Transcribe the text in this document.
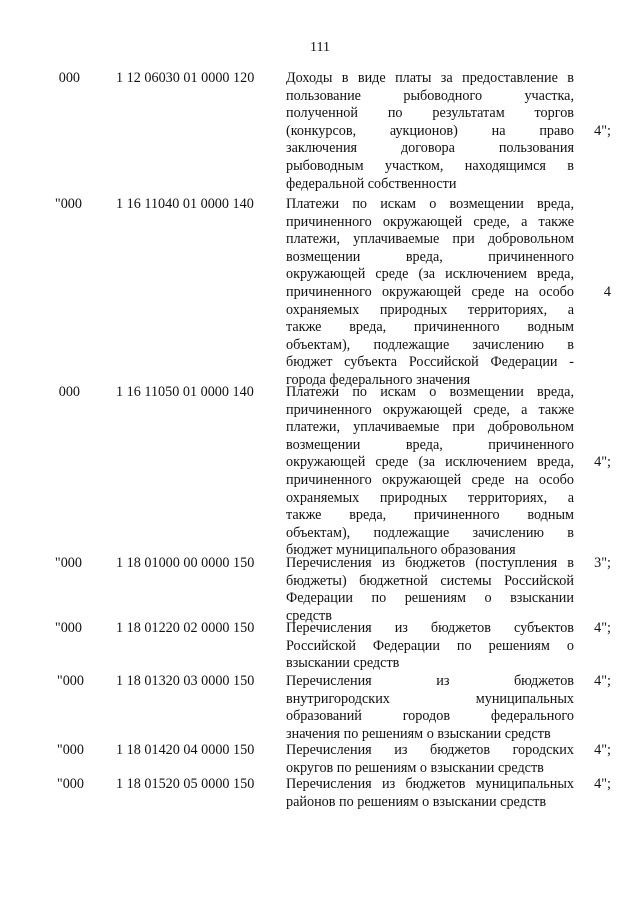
111
000	1 12 06030 01 0000 120 Доходы в виде платы за предоставление в
пользование рыбоводного участка,
полученной по результатам торгов
(конкурсов, аукционов) на право
заключения договора пользования
рыбоводным участком, находящимся в
федеральной собственности
4";
"000 1 16 11040 01 0000 140 Платежи по искам о возмещении вреда,
причиненного окружающей среде, а также
платежи, уплачиваемые при добровольном
возмещении вреда, причиненного
окружающей среде (за исключением вреда,
причиненного окружающей среде на особо
охраняемых природных территориях, а
также вреда, причиненного водным
объектам), подлежащие зачислению в
бюджет субъекта Российской Федерации -
города федерального значения
4
000	1 16 11050 01 0000 140 Платежи по искам о возмещении вреда,
причиненного окружающей среде, а также
платежи, уплачиваемые при добровольном
возмещении вреда, причиненного
окружающей среде (за исключением вреда,
причиненного окружающей среде на особо
охраняемых природных территориях, а
также вреда, причиненного водным
объектам), подлежащие зачислению в
бюджет муниципального образования
4";
"000 1 18 01000 00 0000 150 Перечисления из бюджетов (поступления в
бюджеты) бюджетной системы Российской
Федерации по решениям о взыскании
средств
3";
"000 1 18 01220 02 0000 150 Перечисления из бюджетов субъектов
Российской Федерации по решениям о
взыскании средств
4";
"000 1 18 01320 03 0000 150 Перечисления из бюджетов
внутригородских муниципальных
образований городов федерального
значения по решениям о взыскании средств
4";
"000 1 18 01420 04 0000 150 Перечисления из бюджетов городских
округов по решениям о взыскании средств
4";
"000 1 18 01520 05 0000 150 Перечисления из бюджетов муниципальных
районов по решениям о взыскании средств
4";
